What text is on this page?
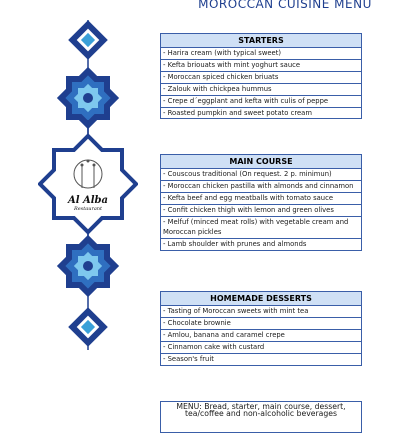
MOROCCAN CUISINE MENU
Al Alba
Restaurant
STARTERS
- Harira cream (with typical sweet)
- Kefta briouats with mint yoghurt sauce
- Moroccan spiced chicken briuats
- Zalouk with chickpea hummus
- Crepe d´eggplant and kefta with culis of peppe
- Roasted pumpkin and sweet potato cream
MAIN COURSE
- Couscous traditional (On request. 2 p. minimun)
- Moroccan chicken pastilla with almonds and cinnamon
- Kefta beef and egg meatballs with tomato sauce
- Confit chicken thigh with lemon and green olives
- Melfuf (minced meat rolls) with vegetable cream and Moroccan pickles
- Lamb shoulder with prunes and almonds
HOMEMADE DESSERTS
- Tasting of Moroccan sweets with mint tea
- Chocolate brownie
- Amlou, banana and caramel crepe
- Cinnamon cake with custard
- Season's fruit
MENU: Bread, starter, main course, dessert,
tea/coffee and non-alcoholic beverages
